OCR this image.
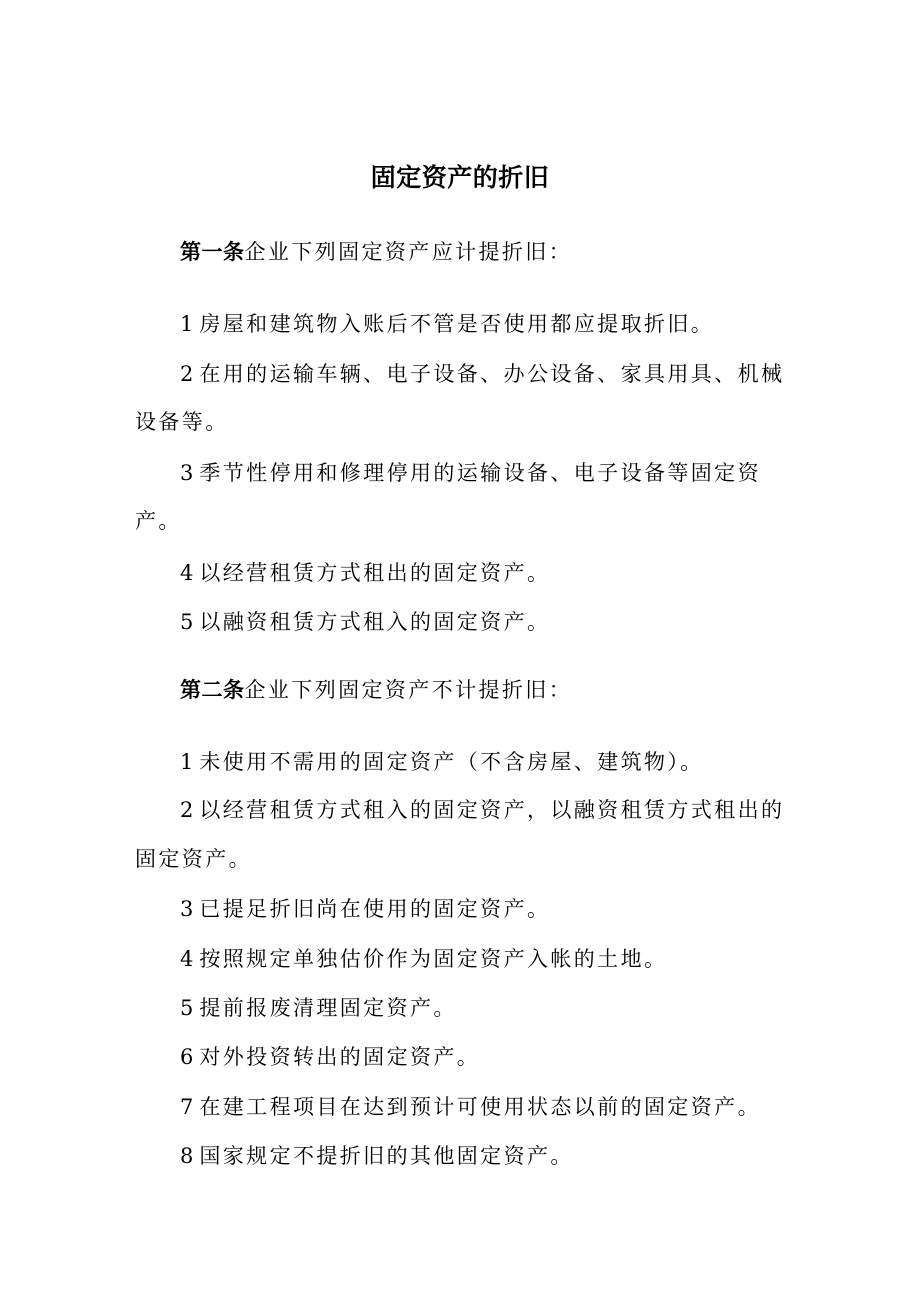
固定资产的折旧
第一条企业下列固定资产应计提折旧：
1 房屋和建筑物入账后不管是否使用都应提取折旧。
2 在用的运输车辆、电子设备、办公设备、家具用具、机械
设备等。
3 季节性停用和修理停用的运输设备、电子设备等固定资
产。
4 以经营租赁方式租出的固定资产。
5 以融资租赁方式租入的固定资产。
第二条企业下列固定资产不计提折旧：
1 未使用不需用的固定资产（不含房屋、建筑物）。
2 以经营租赁方式租入的固定资产，以融资租赁方式租出的
固定资产。
3 已提足折旧尚在使用的固定资产。
4 按照规定单独估价作为固定资产入帐的土地。
5 提前报废清理固定资产。
6 对外投资转出的固定资产。
7 在建工程项目在达到预计可使用状态以前的固定资产。
8 国家规定不提折旧的其他固定资产。
